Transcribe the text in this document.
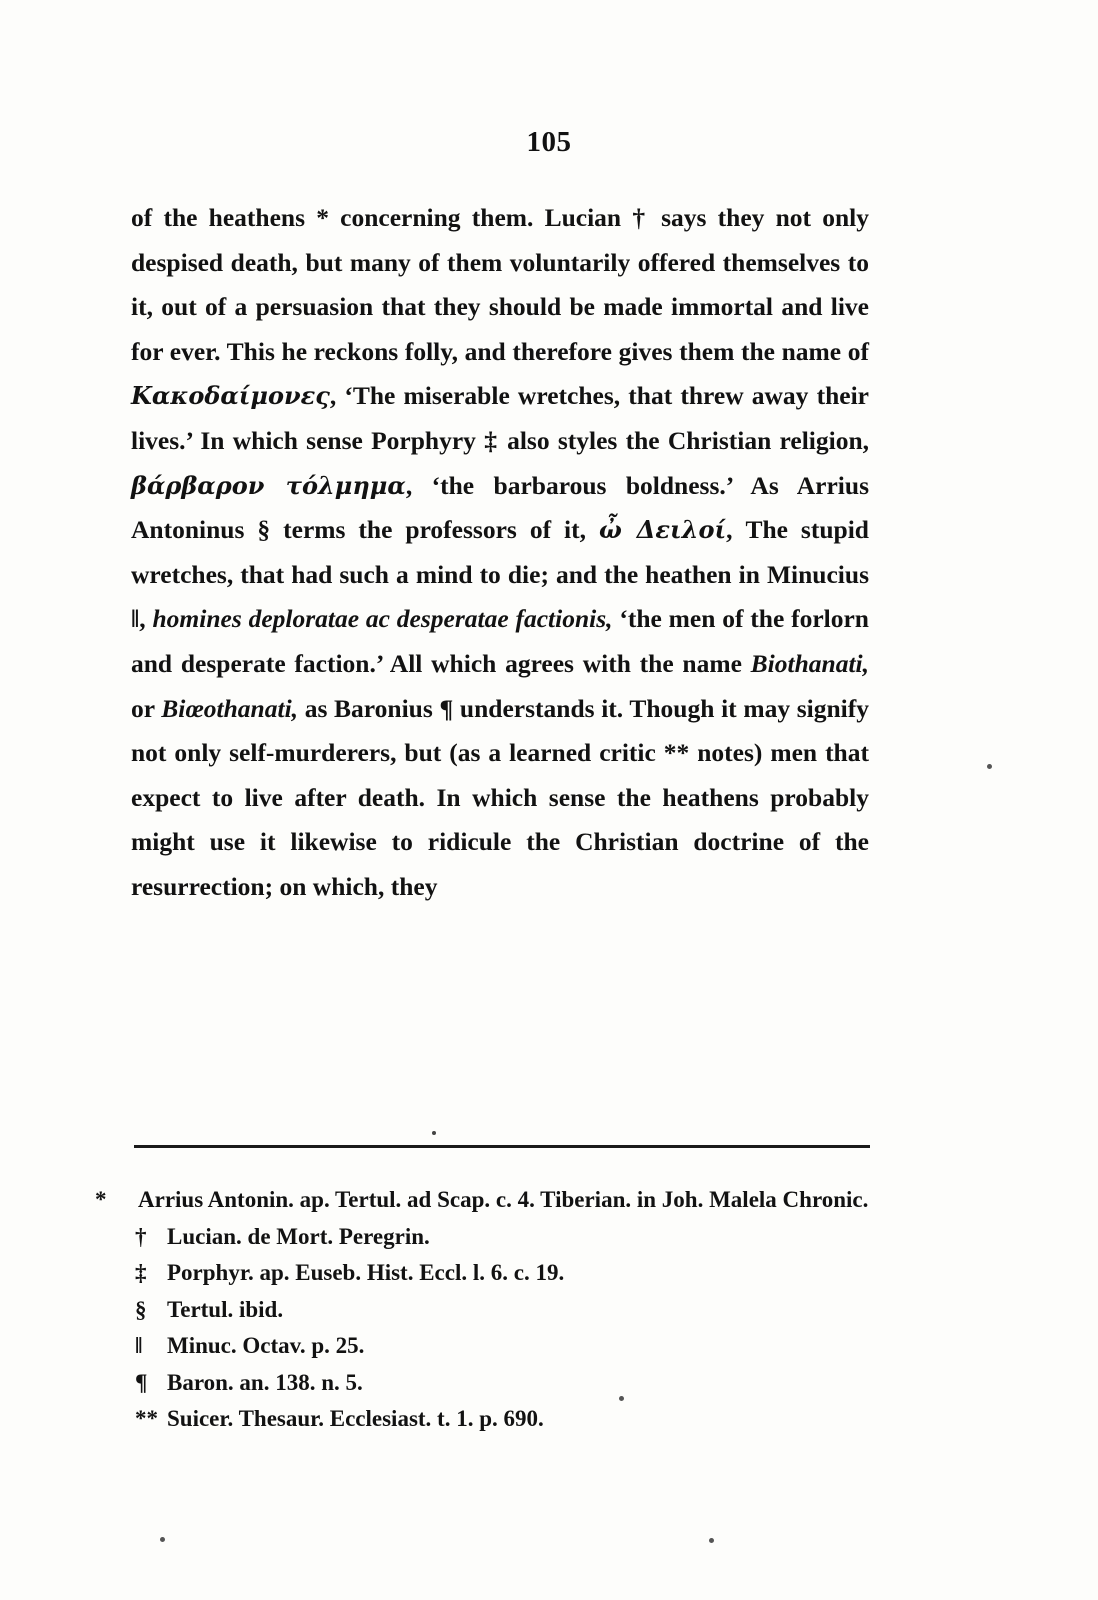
105

of the heathens * concerning them. Lucian † says they not only despised death, but many of them voluntarily offered themselves to it, out of a persuasion that they should be made immortal and live for ever. This he reckons folly, and therefore gives them the name of Κακοδαίμονες, ‘The miserable wretches, that threw away their lives.’ In which sense Porphyry ‡ also styles the Christian religion, βάρβαρον τόλμημα, ‘the barbarous boldness.’ As Arrius Antoninus § terms the professors of it, ὦ Δειλοί, The stupid wretches, that had such a mind to die; and the heathen in Minucius ‖, homines deploratae ac desperatae factionis, ‘the men of the forlorn and desperate faction.’ All which agrees with the name Biothanati, or Biœothanati, as Baronius ¶ understands it. Though it may signify not only self-murderers, but (as a learned critic ** notes) men that expect to live after death. In which sense the heathens probably might use it likewise to ridicule the Christian doctrine of the resurrection; on which, they

* Arrius Antonin. ap. Tertul. ad Scap. c. 4. Tiberian. in Joh. Malela Chronic.
† Lucian. de Mort. Peregrin.
‡ Porphyr. ap. Euseb. Hist. Eccl. l. 6. c. 19.
§ Tertul. ibid.
‖ Minuc. Octav. p. 25.
¶ Baron. an. 138. n. 5.
** Suicer. Thesaur. Ecclesiast. t. 1. p. 690.
